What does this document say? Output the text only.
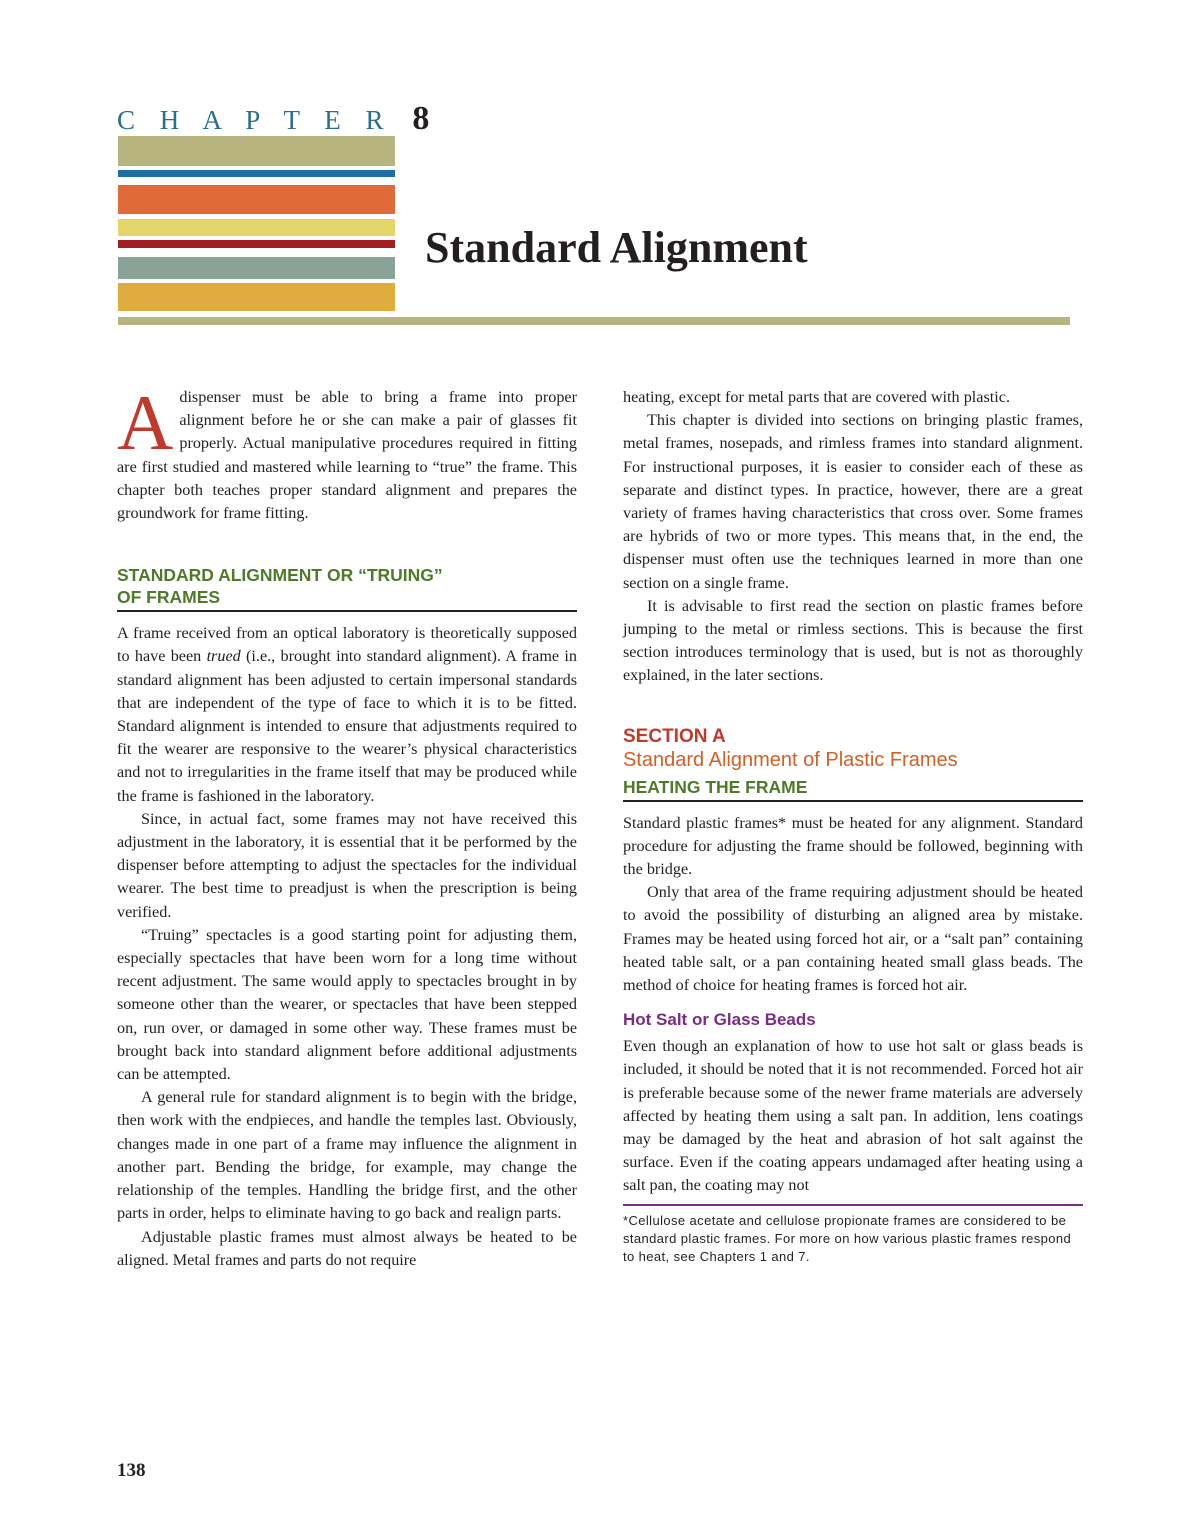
C H A P T E R 8
Standard Alignment

Adispenser must be able to bring a frame into proper alignment before he or she can make a pair of glasses fit properly. Actual manipulative procedures required in fitting are first studied and mastered while learning to “true” the frame. This chapter both teaches proper standard alignment and prepares the groundwork for frame fitting.

STANDARD ALIGNMENT OR “TRUING”
OF FRAMES

A frame received from an optical laboratory is theoretically supposed to have been trued (i.e., brought into standard alignment). A frame in standard alignment has been adjusted to certain impersonal standards that are independent of the type of face to which it is to be fitted. Standard alignment is intended to ensure that adjustments required to fit the wearer are responsive to the wearer’s physical characteristics and not to irregularities in the frame itself that may be produced while the frame is fashioned in the laboratory.

Since, in actual fact, some frames may not have received this adjustment in the laboratory, it is essential that it be performed by the dispenser before attempting to adjust the spectacles for the individual wearer. The best time to preadjust is when the prescription is being verified.

“Truing” spectacles is a good starting point for adjusting them, especially spectacles that have been worn for a long time without recent adjustment. The same would apply to spectacles brought in by someone other than the wearer, or spectacles that have been stepped on, run over, or damaged in some other way. These frames must be brought back into standard alignment before additional adjustments can be attempted.

A general rule for standard alignment is to begin with the bridge, then work with the endpieces, and handle the temples last. Obviously, changes made in one part of a frame may influence the alignment in another part. Bending the bridge, for example, may change the relationship of the temples. Handling the bridge first, and the other parts in order, helps to eliminate having to go back and realign parts.

Adjustable plastic frames must almost always be heated to be aligned. Metal frames and parts do not require

heating, except for metal parts that are covered with plastic.

This chapter is divided into sections on bringing plastic frames, metal frames, nosepads, and rimless frames into standard alignment. For instructional purposes, it is easier to consider each of these as separate and distinct types. In practice, however, there are a great variety of frames having characteristics that cross over. Some frames are hybrids of two or more types. This means that, in the end, the dispenser must often use the techniques learned in more than one section on a single frame.

It is advisable to first read the section on plastic frames before jumping to the metal or rimless sections. This is because the first section introduces terminology that is used, but is not as thoroughly explained, in the later sections.

SECTION A
Standard Alignment of Plastic Frames
HEATING THE FRAME

Standard plastic frames* must be heated for any alignment. Standard procedure for adjusting the frame should be followed, beginning with the bridge.

Only that area of the frame requiring adjustment should be heated to avoid the possibility of disturbing an aligned area by mistake. Frames may be heated using forced hot air, or a “salt pan” containing heated table salt, or a pan containing heated small glass beads. The method of choice for heating frames is forced hot air.

Hot Salt or Glass Beads

Even though an explanation of how to use hot salt or glass beads is included, it should be noted that it is not recommended. Forced hot air is preferable because some of the newer frame materials are adversely affected by heating them using a salt pan. In addition, lens coatings may be damaged by the heat and abrasion of hot salt against the surface. Even if the coating appears undamaged after heating using a salt pan, the coating may not

*Cellulose acetate and cellulose propionate frames are considered to be standard plastic frames. For more on how various plastic frames respond to heat, see Chapters 1 and 7.
138
